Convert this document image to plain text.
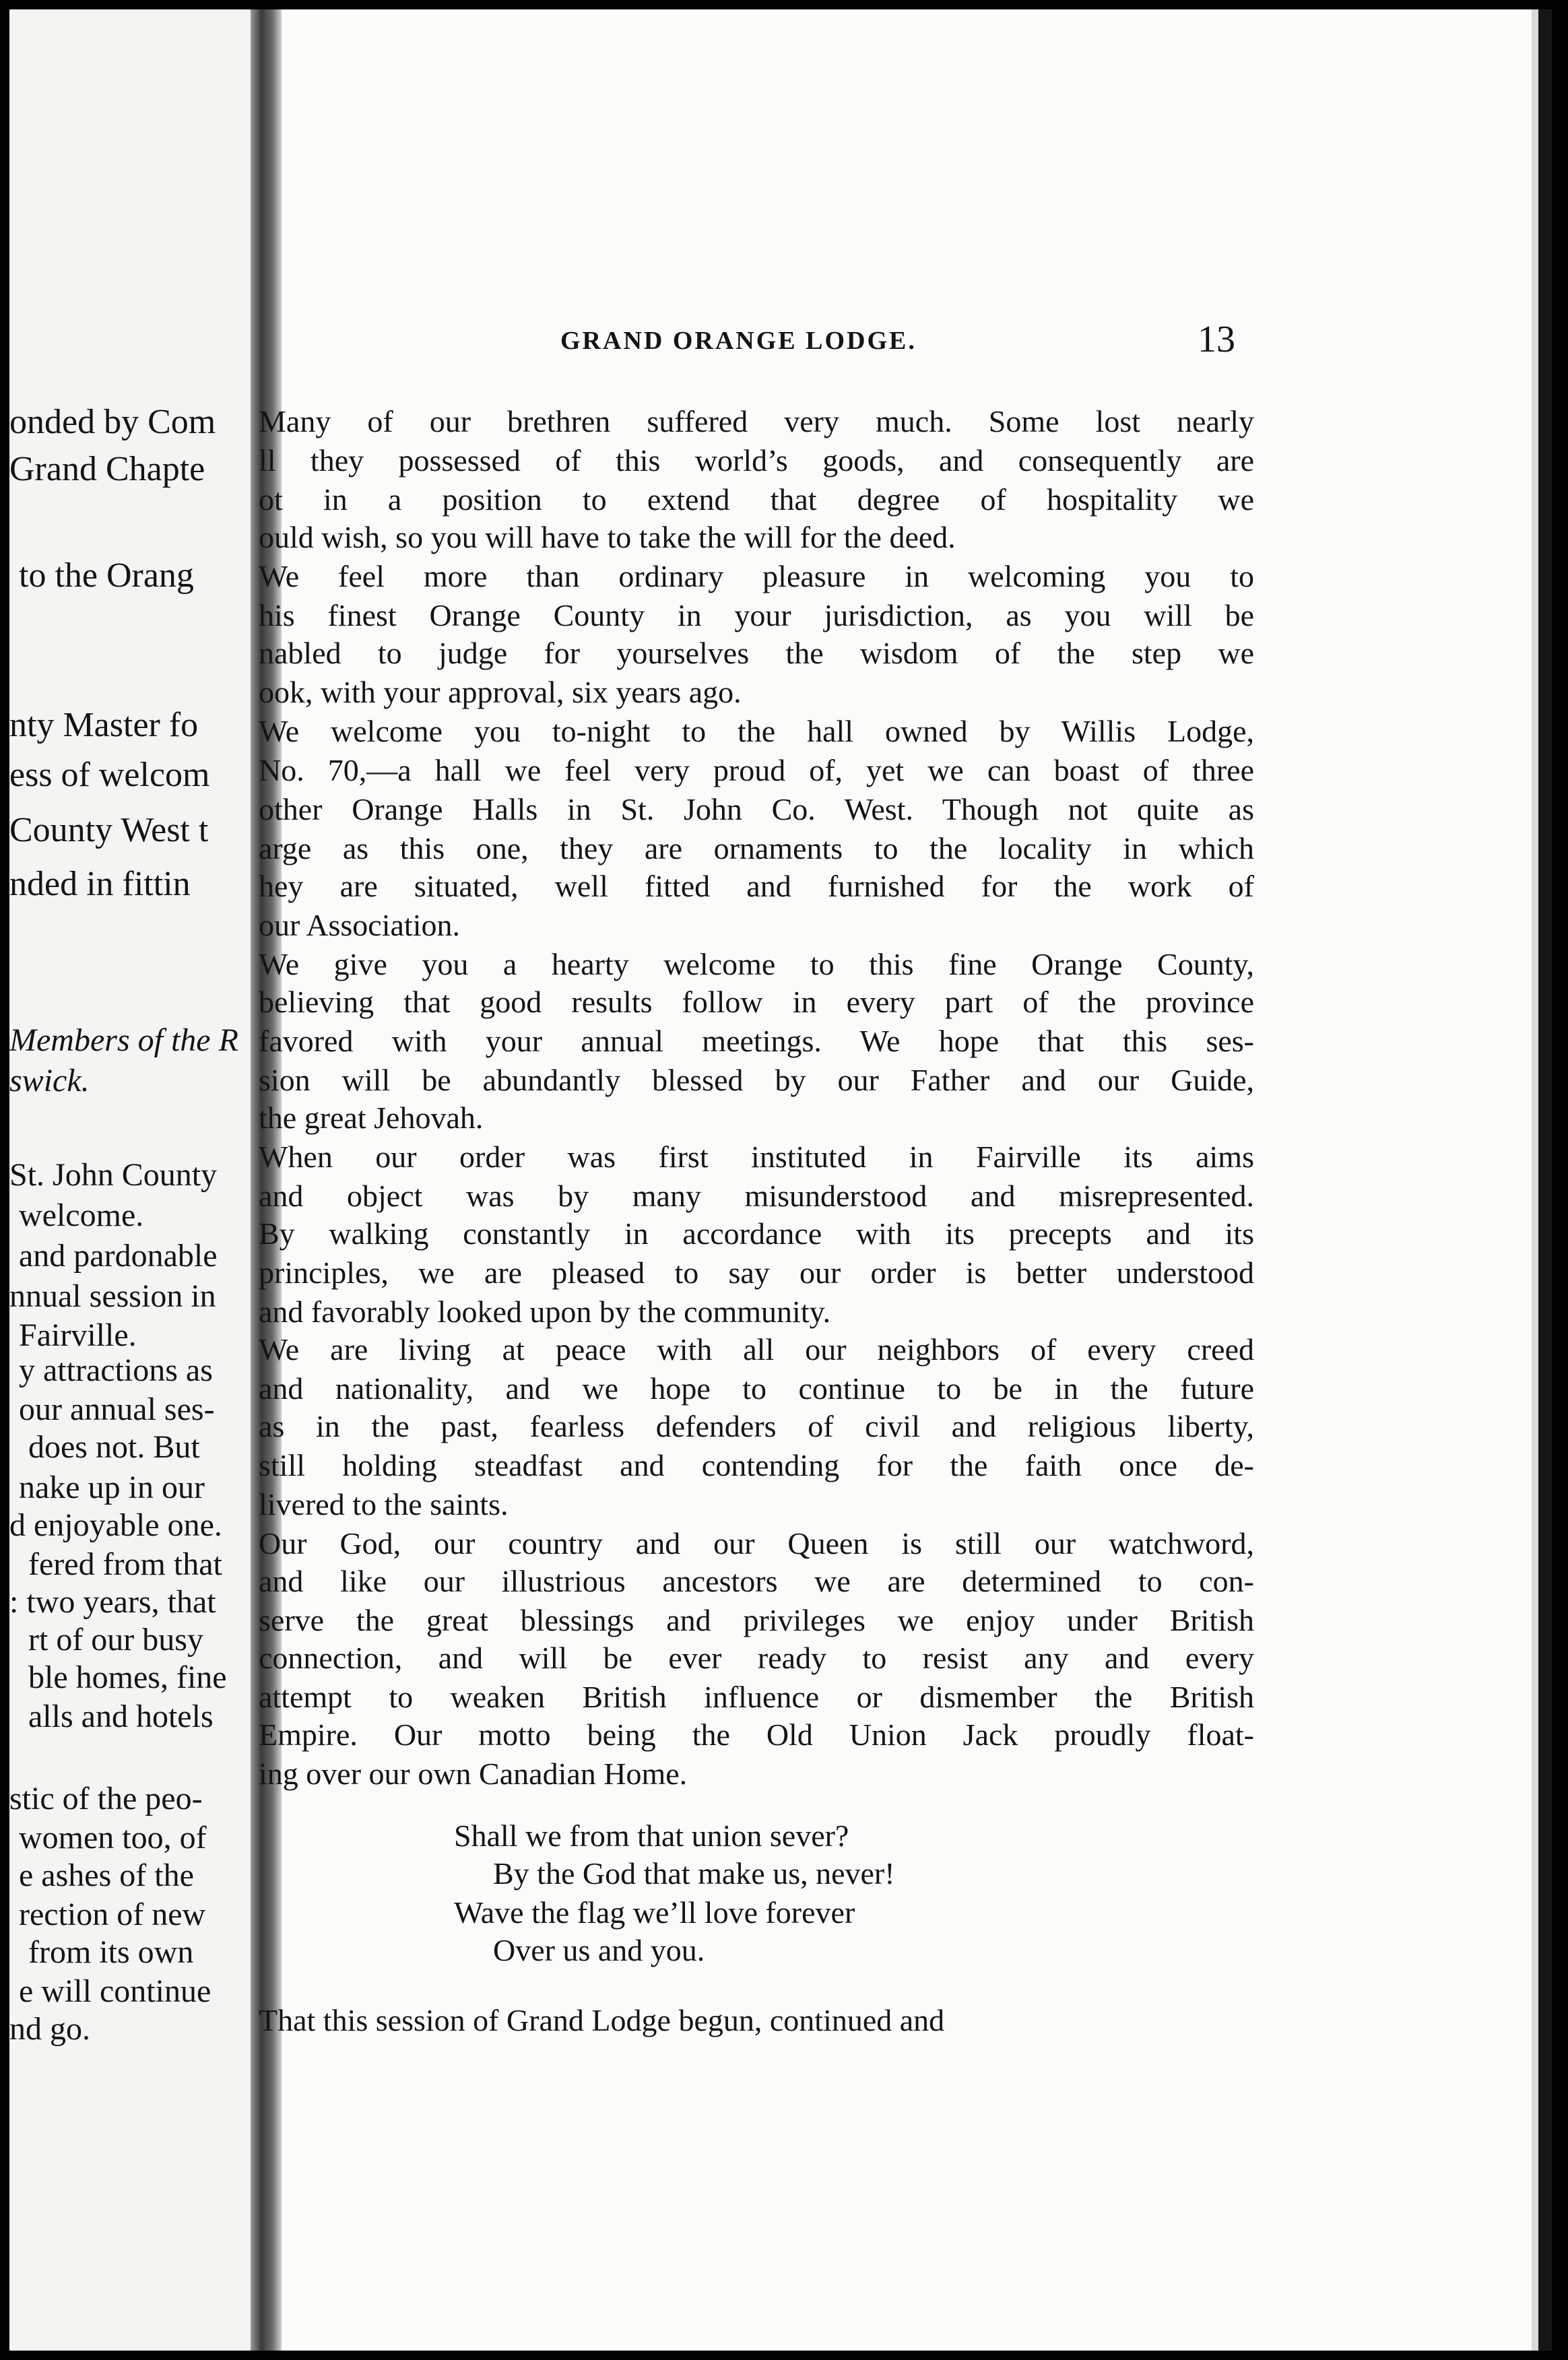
onded by Com
Grand Chapte
to the Orang
nty Master fo
ess of welcom
County West t
nded in fittin
Members of the R
swick.
St. John County
welcome.
and pardonable
nnual session in
Fairville.
y attractions as
our annual ses-
does not. But
nake up in our
d enjoyable one.
fered from that
: two years, that
rt of our busy
ble homes, fine
alls and hotels
stic of the peo-
women too, of
e ashes of the
rection of new
from its own
e will continue
nd go.
GRAND ORANGE LODGE.	13
Many of our brethren suffered very much. Some lost nearly
ll they possessed of this world’s goods, and consequently are
ot in a position to extend that degree of hospitality we
ould wish, so you will have to take the will for the deed.
We feel more than ordinary pleasure in welcoming you to
his finest Orange County in your jurisdiction, as you will be
nabled to judge for yourselves the wisdom of the step we
ook, with your approval, six years ago.
We welcome you to-night to the hall owned by Willis Lodge,
No. 70,—a hall we feel very proud of, yet we can boast of three
other Orange Halls in St. John Co. West. Though not quite as
arge as this one, they are ornaments to the locality in which
hey are situated, well fitted and furnished for the work of
our Association.
We give you a hearty welcome to this fine Orange County,
believing that good results follow in every part of the province
favored with your annual meetings. We hope that this ses-
sion will be abundantly blessed by our Father and our Guide,
the great Jehovah.
When our order was first instituted in Fairville its aims
and object was by many misunderstood and misrepresented.
By walking constantly in accordance with its precepts and its
principles, we are pleased to say our order is better understood
and favorably looked upon by the community.
We are living at peace with all our neighbors of every creed
and nationality, and we hope to continue to be in the future
as in the past, fearless defenders of civil and religious liberty,
still holding steadfast and contending for the faith once de-
livered to the saints.
Our God, our country and our Queen is still our watchword,
and like our illustrious ancestors we are determined to con-
serve the great blessings and privileges we enjoy under British
connection, and will be ever ready to resist any and every
attempt to weaken British influence or dismember the British
Empire. Our motto being the Old Union Jack proudly float-
ing over our own Canadian Home.
Shall we from that union sever?
By the God that make us, never!
Wave the flag we’ll love forever
Over us and you.
That this session of Grand Lodge begun, continued and
